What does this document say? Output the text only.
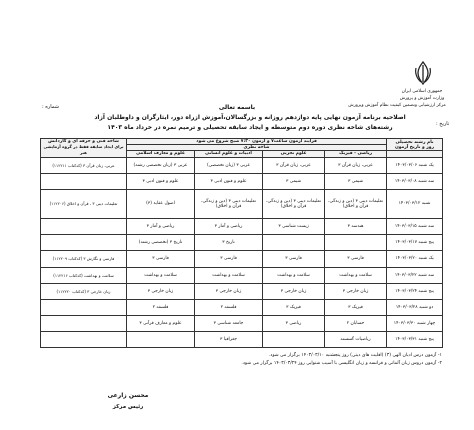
جمهوری اسلامی ایران
وزارت آموزش و پرورش
مرکز ارزشیابی وتضمین کیفیت نظام آموزش وپرورش
باسمه تعالی
شماره :
تاریخ :
اصلاحیه برنامه آزمون نهایی پایه دوازدهم روزانه و بزرگسالان،آموزش ازراه دور، ایثارگران و داوطلبان آزاد
رشته‌های شاخه نظری دوره دوم متوسطه و ایجاد سابقه تحصیلی و ترمیم نمره در خرداد ماه ۱۴۰۳
نام رشته تحصیلی
روز و تاریخ آزمون	فرآیند آزمون ساعت۷ و آزمون ۷:۳۰ صبح شروع می شود				شاخه فنی و حرفه ای و کاردانش
برای ایجاد سابقه فقط در گروه آزمایشی هنر
	شاخه نظری				
	ریاضی - فیزیک	علوم تجربی	ادبیات و علوم انسانی	علوم و معارف اسلامی	
یک شنبه ۱۴۰۳/۰۳/۰۶	عربی، زبان قرآن ۳	عربی، زبان قرآن ۳	عربی ۳ (زبان تخصصی)	عربی ۳ (زبان تخصصی رشته)	عربی، زبان قرآن ۳ (کدکتاب ۱۱۲۲۱۱)
سه شنبه ۱۴۰۳/۰۳/۰۸	شیمی ۳	شیمی ۳	علوم و فنون ادبی ۳	علوم و فنون ادبی ۳	
شنبه ۱۴۰۳/۰۳/۱۲	تعلیمات دینی ۳ (دین و زندگی، قرآن و اخلاق)	تعلیمات دینی ۳ (دین و زندگی، قرآن و اخلاق)	تعلیمات دینی ۳ (دین و زندگی، قرآن و اخلاق)	اصول عقاید (۳)	تعلیمات دینی ۳ ، قرآن و اخلاق (۱۱۲۲۰۶)
سه شنبه ۱۴۰۳/۰۳/۱۵	هندسه ۳	زیست شناسی ۳	ریاضی و آمار ۳	ریاضی و آمار ۳	
پنج شنبه ۱۴۰۳/۰۳/۱۷			تاریخ ۳	تاریخ ۳ (تخصصی رشته)	
یک شنبه ۱۴۰۳/۰۳/۲۰	فارسی ۳	فارسی ۳	فارسی ۳	فارسی ۳	فارسی و نگارش ۳ (کدکتاب ۱۱۲۲۰۹)
سه شنبه ۱۴۰۳/۰۳/۲۲	سلامت و بهداشت	سلامت و بهداشت	سلامت و بهداشت	سلامت و بهداشت	سلامت و بهداشت (کدکتاب ۱۱۲۲۱۶)
پنج شنبه ۱۴۰۳/۰۳/۲۴	زبان خارجی ۳	زبان خارجی ۳	زبان خارجی ۳	زبان خارجی ۳	زبان خارجی ۳ (کدکتاب ۱۱۲۲۲۰)
دو شنبه ۱۴۰۳/۰۳/۲۸	فیزیک ۳	فیزیک ۳	فلسفه ۲	فلسفه ۲	
چهار شنبه ۱۴۰۳/۰۳/۳۰	حسابان ۲	ریاضی ۳	جامعه شناسی ۳	علوم و معارف قرآنی ۳	
پنج شنبه ۱۴۰۳/۰۳/۳۱	ریاضیات گسسته		جغرافیا ۳		
۱- آزمون درس ادیان الهی (۳) (اقلیت های دینی) روز پنجشنبه ۱۴۰۳/۰۳/۱۰ برگزار می شود.
۲- آزمون دروس زبان آلمانی و فرانسه و زبان انگلیسی با آسیب شنوایی روز ۱۴۰۳/۰۳/۲۴ برگزار می شود.
محسن زارعی
رئیس مرکز
